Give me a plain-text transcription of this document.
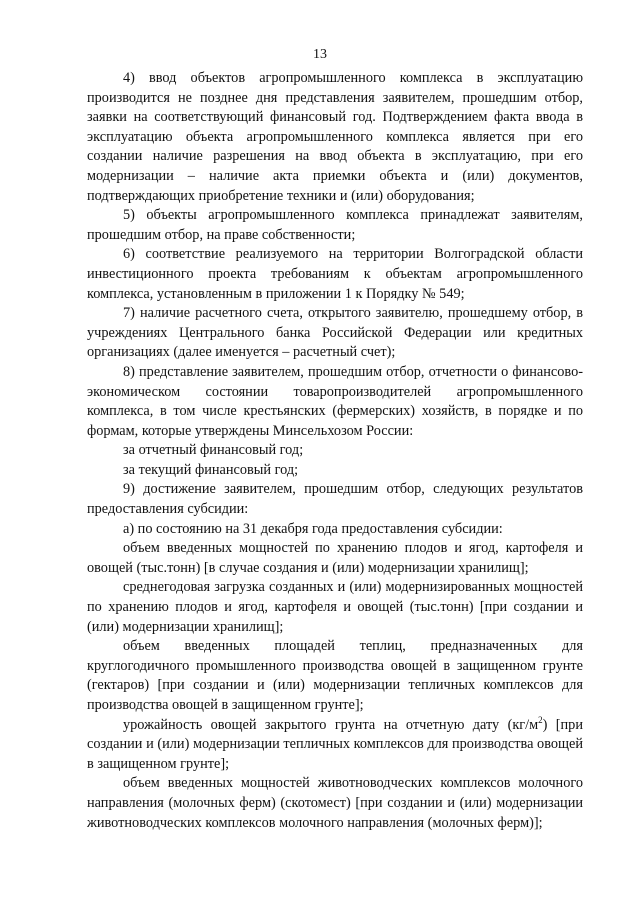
13

4) ввод объектов агропромышленного комплекса в эксплуатацию производится не позднее дня представления заявителем, прошедшим отбор, заявки на соответствующий финансовый год. Подтверждением факта ввода в эксплуатацию объекта агропромышленного комплекса является при его создании наличие разрешения на ввод объекта в эксплуатацию, при его модернизации – наличие акта приемки объекта и (или) документов, подтверждающих приобретение техники и (или) оборудования;

5) объекты агропромышленного комплекса принадлежат заявителям, прошедшим отбор, на праве собственности;

6) соответствие реализуемого на территории Волгоградской области инвестиционного проекта требованиям к объектам агропромышленного комплекса, установленным в приложении 1 к Порядку № 549;

7) наличие расчетного счета, открытого заявителю, прошедшему отбор, в учреждениях Центрального банка Российской Федерации или кредитных организациях (далее именуется – расчетный счет);

8) представление заявителем, прошедшим отбор, отчетности о финансово-экономическом состоянии товаропроизводителей агропромышленного комплекса, в том числе крестьянских (фермерских) хозяйств, в порядке и по формам, которые утверждены Минсельхозом России:

за отчетный финансовый год;

за текущий финансовый год;

9) достижение заявителем, прошедшим отбор, следующих результатов предоставления субсидии:

а) по состоянию на 31 декабря года предоставления субсидии:

объем введенных мощностей по хранению плодов и ягод, картофеля и овощей (тыс.тонн) [в случае создания и (или) модернизации хранилищ];

среднегодовая загрузка созданных и (или) модернизированных мощностей по хранению плодов и ягод, картофеля и овощей (тыс.тонн) [при создании и (или) модернизации хранилищ];

объем введенных площадей теплиц, предназначенных для круглогодичного промышленного производства овощей в защищенном грунте (гектаров) [при создании и (или) модернизации тепличных комплексов для производства овощей в защищенном грунте];

урожайность овощей закрытого грунта на отчетную дату $(кг/м^2)$ [при создании и (или) модернизации тепличных комплексов для производства овощей в защищенном грунте];

объем введенных мощностей животноводческих комплексов молочного направления (молочных ферм) (скотомест) [при создании и (или) модернизации животноводческих комплексов молочного направления (молочных ферм)];
